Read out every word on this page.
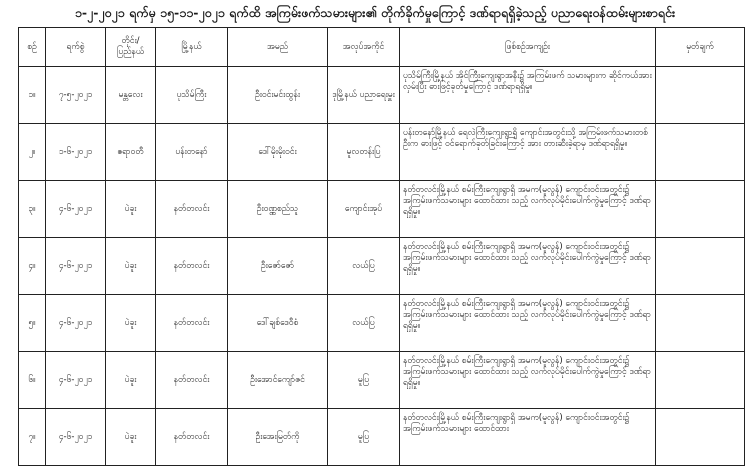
၁-၂-၂၀၂၁ ရက်မှ ၁၅-၁၁-၂၀၂၁ ရက်ထိ အကြမ်းဖက်သမားများ၏ တိုက်ခိုက်မှုကြောင့် ဒဏ်ရာရရှိခဲ့သည့် ပညာရေးဝန်ထမ်းများစာရင်း
စဉ်	ရက်စွဲ	တိုင်း/ ပြည်နယ်	မြို့နယ်	အမည်	အလုပ်အကိုင်	ဖြစ်စဉ်အကျဉ်း	မှတ်ချက်
၁။	၇-၅-၂၀၂၁	မန္တလေး	ပုသိမ်ကြီး	ဦးဝင်းမင်းထွန်း	ဒုမြို့နယ် ပညာရေးမှူး	ပုသိမ်ကြီးမြို့နယ် အိုင်ကြီးကျေးရွာအနီး၌ အကြမ်းဖက် သမားများက ဆိုင်ကယ်အား လှမ်းပြီး ဓားဖြင့်ခုတ်မှုကြောင့် ဒဏ်ရာရရှိမှု။	
၂။	၁-၆-၂၀၂၁	ဧရာဝတီ	ပန်းတနော်	ဒေါ်မိုးမိုးဝင်း	မူလတန်းပြ	ပန်းတနော်မြို့နယ် ရေလဲကြီးကျေးရွာရှိ ကျောင်းအတွင်းသို့ အကြမ်းဖက်သမားတစ်ဦးက ဓားဖြင့် ဝင်ရောက်ခုတ်ခြင်းကြောင့် အား တားဆီးခဲ့ရာမှ ဒဏ်ရာရရှိမှု။	
၃။	၄-၆-၂၀၂၁	ပဲခူး	နတ်တလင်း	ဦးဝဏ္ဏစည်သူ	ကျောင်းအုပ်	နတ်တလင်းမြို့နယ် စမ်းကြီးကျေးရွာရှိ အမက(မူလွန်) ကျောင်းဝင်းအတွင်း၌ အကြမ်းဖက်သမားများ ထောင်ထား သည့် လက်လုပ်မိုင်းပေါက်ကွဲမှုကြောင့် ဒဏ်ရာရရှိမှု။	
၄။	၄-၆-၂၀၂၁	ပဲခူး	နတ်တလင်း	ဦးဇော်ဇော်	လယ်ပြ	နတ်တလင်းမြို့နယ် စမ်းကြီးကျေးရွာရှိ အမက(မူလွန်) ကျောင်းဝင်းအတွင်း၌ အကြမ်းဖက်သမားများ ထောင်ထား သည့် လက်လုပ်မိုင်းပေါက်ကွဲမှုကြောင့် ဒဏ်ရာရရှိမှု။	
၅။	၄-၆-၂၀၂၁	ပဲခူး	နတ်တလင်း	ဒေါ်ချစ်ဒေဝီစံ	လယ်ပြ	နတ်တလင်းမြို့နယ် စမ်းကြီးကျေးရွာရှိ အမက(မူလွန်) ကျောင်းဝင်းအတွင်း၌ အကြမ်းဖက်သမားများ ထောင်ထား သည့် လက်လုပ်မိုင်းပေါက်ကွဲမှုကြောင့် ဒဏ်ရာရရှိမှု။	
၆။	၄-၆-၂၀၂၁	ပဲခူး	နတ်တလင်း	ဦးအောင်ကျော်ဇင်	မူပြ	နတ်တလင်းမြို့နယ် စမ်းကြီးကျေးရွာရှိ အမက(မူလွန်) ကျောင်းဝင်းအတွင်း၌ အကြမ်းဖက်သမားများ ထောင်ထား သည့် လက်လုပ်မိုင်းပေါက်ကွဲမှုကြောင့် ဒဏ်ရာရရှိမှု။	
၇။	၄-၆-၂၀၂၁	ပဲခူး	နတ်တလင်း	ဦးအေးမြတ်ကို	မူပြ	နတ်တလင်းမြို့နယ် စမ်းကြီးကျေးရွာရှိ အမက(မူလွန်) ကျောင်းဝင်းအတွင်း၌ အကြမ်းဖက်သမားများ ထောင်ထား	
